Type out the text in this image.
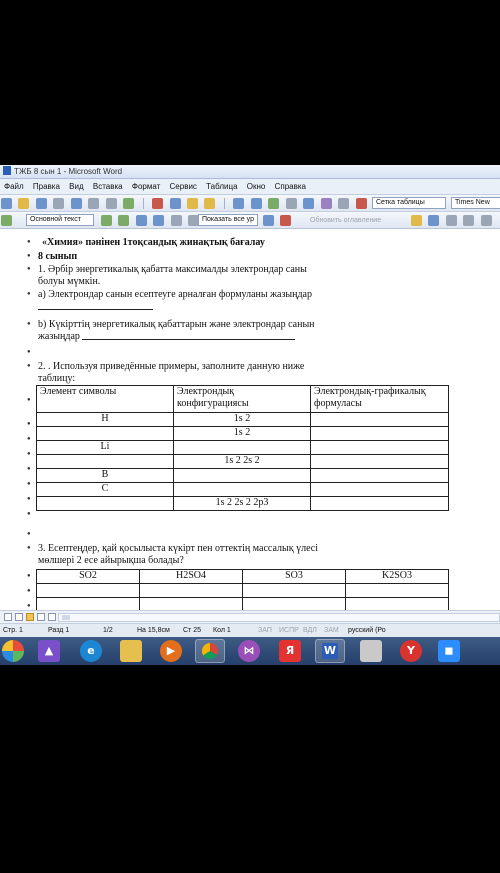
ТЖБ 8 сын 1 - Microsoft Word
Файл Правка Вид Вставка Формат Сервис Таблица Окно Справка

Сетка таблицы	Times New
Основной текст
	Показать все ур
	Обновить оглавление

● «Химия» пәнінен 1тоқсандық жинақтық бағалау
● 8 сынып
● 1. Әрбір энергетикалық қабатта максималды электрондар саны
болуы мүмкін.
● а) Электрондар санын есептеуге арналған формуланы жазыңдар
● b) Күкірттің энергетикалық қабаттарын және электрондар санын
жазыңдар
●
● 2. . Используя приведённые примеры, заполните данную ниже
таблицу:
●
●
●
●
●
●
●
●
Элемент символы	Электрондық конфигурациясы	Электрондық-графикалық формуласы
H	1s 2	
	1s 2	
Li		
	1s 2 2s 2	
B		
C		
	1s 2 2s 2 2p3	
●
● 3. Есептеңдер, қай қосылыста күкірт пен оттектің массалық үлесі
мөлшері 2 есе айырықша болады?
●
●
●
SO2	H2SO4	SO3	K2SO3

Стр. 1	Разд 1	1/2	На 15,8см Ст 25 Кол 1	ЗАП ИСПР ВДЛ ЗАМ русский (Ро
▲	e	▶	⋈	Я	W	Y	◼
